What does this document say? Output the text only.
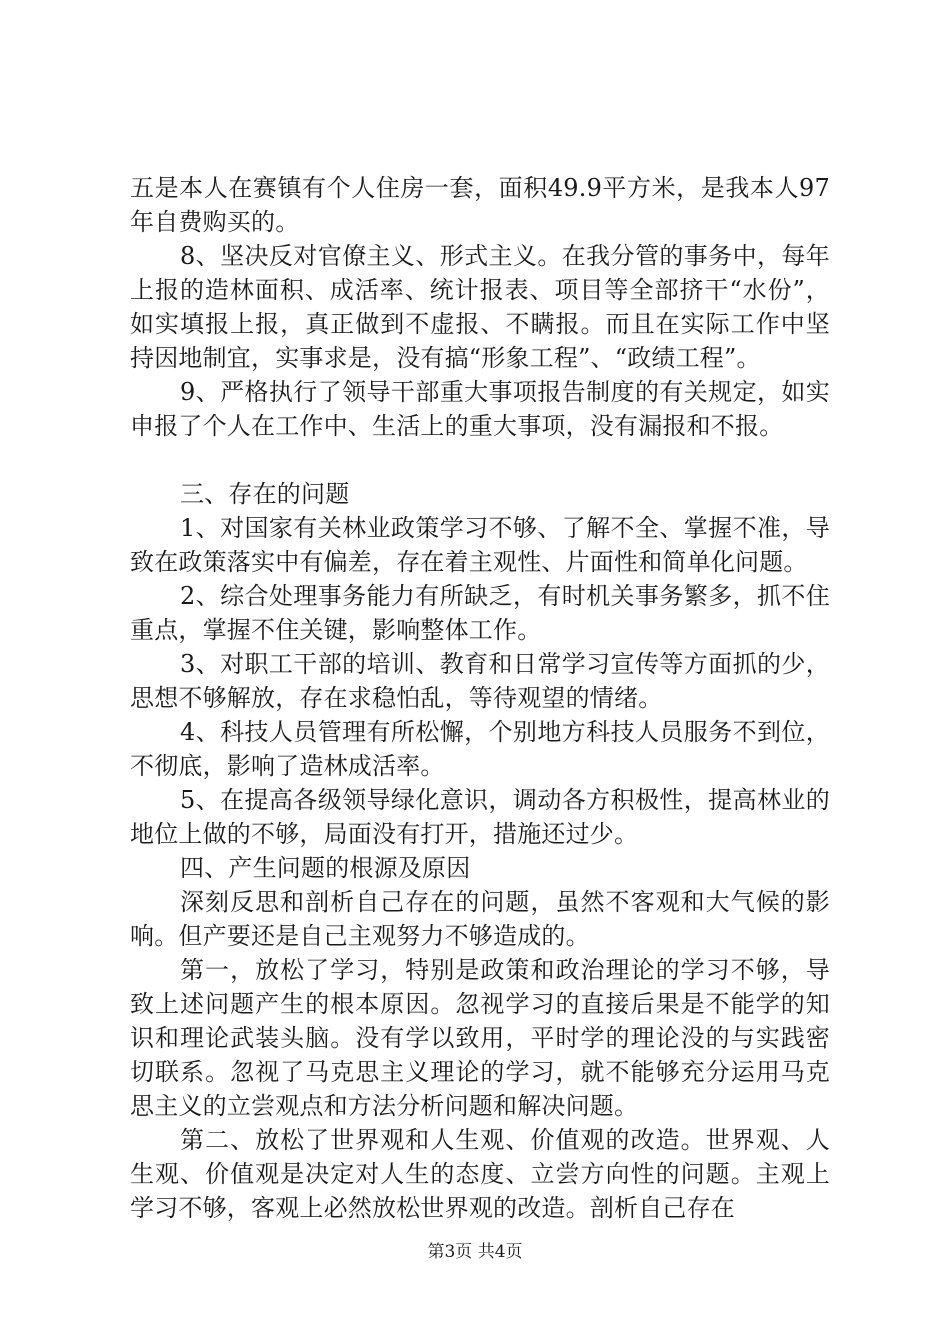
五是本人在赛镇有个人住房一套，面积49.9平方米，是我本人97年自费购买的。

8、坚决反对官僚主义、形式主义。在我分管的事务中，每年上报的造林面积、成活率、统计报表、项目等全部挤干“水份”，如实填报上报，真正做到不虚报、不瞒报。而且在实际工作中坚持因地制宜，实事求是，没有搞“形象工程”、“政绩工程”。

9、严格执行了领导干部重大事项报告制度的有关规定，如实申报了个人在工作中、生活上的重大事项，没有漏报和不报。

三、存在的问题

1、对国家有关林业政策学习不够、了解不全、掌握不准，导致在政策落实中有偏差，存在着主观性、片面性和简单化问题。

2、综合处理事务能力有所缺乏，有时机关事务繁多，抓不住重点，掌握不住关键，影响整体工作。

3、对职工干部的培训、教育和日常学习宣传等方面抓的少，思想不够解放，存在求稳怕乱，等待观望的情绪。

4、科技人员管理有所松懈，个别地方科技人员服务不到位，不彻底，影响了造林成活率。

5、在提高各级领导绿化意识，调动各方积极性，提高林业的地位上做的不够，局面没有打开，措施还过少。

四、产生问题的根源及原因

深刻反思和剖析自己存在的问题，虽然不客观和大气候的影响。但产要还是自己主观努力不够造成的。

第一，放松了学习，特别是政策和政治理论的学习不够，导致上述问题产生的根本原因。忽视学习的直接后果是不能学的知识和理论武装头脑。没有学以致用，平时学的理论没的与实践密切联系。忽视了马克思主义理论的学习，就不能够充分运用马克思主义的立尝观点和方法分析问题和解决问题。

第二、放松了世界观和人生观、价值观的改造。世界观、人生观、价值观是决定对人生的态度、立尝方向性的问题。主观上学习不够，客观上必然放松世界观的改造。剖析自己存在

第3页 共4页
